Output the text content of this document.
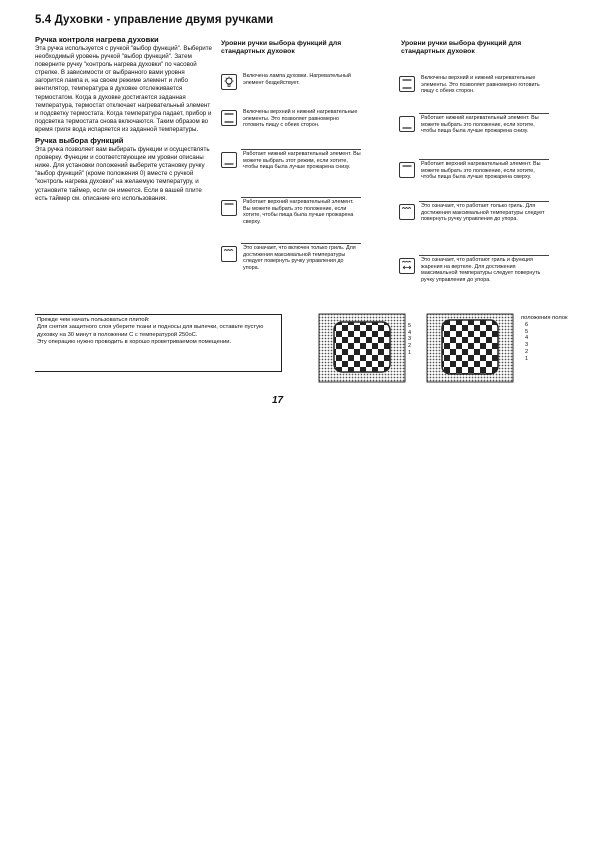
5.4 Духовки - управление двумя ручками
Ручка контроля нагрева духовки
Эта ручка используется с ручкой "выбор функций". Выберите необходимый уровень ручкой "выбор функций". Затем поверните ручку "контроль нагрева духовки" по часовой стрелке. В зависимости от выбранного вами уровня загорится лампа и, на своем режиме элемент и либо вентилятор, температура в духовке отслеживается термостатом. Когда в духовке достигается заданная температура, термостат отключает нагревательный элемент и подсветку термостата. Когда температура падает, прибор и подсветка термостата снова включаются. Таким образом во время гриля вода испаряется из заданной температуры.
Ручка выбора функций
Эта ручка позволяет вам выбирать функции и осуществлять проверку. Функции и соответствующие им уровни описаны ниже. Для установки положений выберите установку ручку "выбор функций" (кроме положения 0) вместе с ручкой "контроль нагрева духовки" на желаемую температуру, и установите таймер, если он имеется. Если в вашей плите есть таймер см. описание его использования.
Прежде чем начать пользоваться плитой:
Для снятия защитного слоя уберите ткани и подносы для выпечки, оставьте пустую духовку на 30 минут в положении С с температурой 250oC.
Эту операцию нужно проводить в хорошо проветриваемом помещении.
Уровни ручки выбора функций для стандартных духовок
Уровни ручки выбора функций для стандартных духовок
Включена лампа духовки. Нагревательный элемент бездействует.
Включены верхний и нижний нагревательные элементы. Это позволяет равномерно готовить пищу с обеих сторон.
Работает нижний нагревательный элемент. Вы можете выбрать этот режим, если хотите, чтобы пища была лучше прожарена снизу.
Работает верхний нагревательный элемент. Вы можете выбрать это положение, если хотите, чтобы пища была лучше прожарена сверху.
Это означает, что включен только гриль. Для достижения максимальной температуры следует повернуть ручку управления до упора.
Включены верхний и нижний нагревательные элементы. Это позволяет равномерно готовить пищу с обеих сторон.
Работает нижний нагревательный элемент. Вы можете выбрать это положение, если хотите, чтобы пища была лучше прожарена снизу.
Работает верхний нагревательный элемент. Вы можете выбрать это положение, если хотите, чтобы пища была лучше прожарена сверху.
Это означает, что работает только гриль. Для достижения максимальной температуры следует повернуть ручку управления до упора.
Это означает, что работают гриль и функция жарения на вертеле. Для достижения максимальной температуры следует повернуть ручку управления до упора.
5
4
3
2
1
6
5
4
3
2
1
положения полок
17
